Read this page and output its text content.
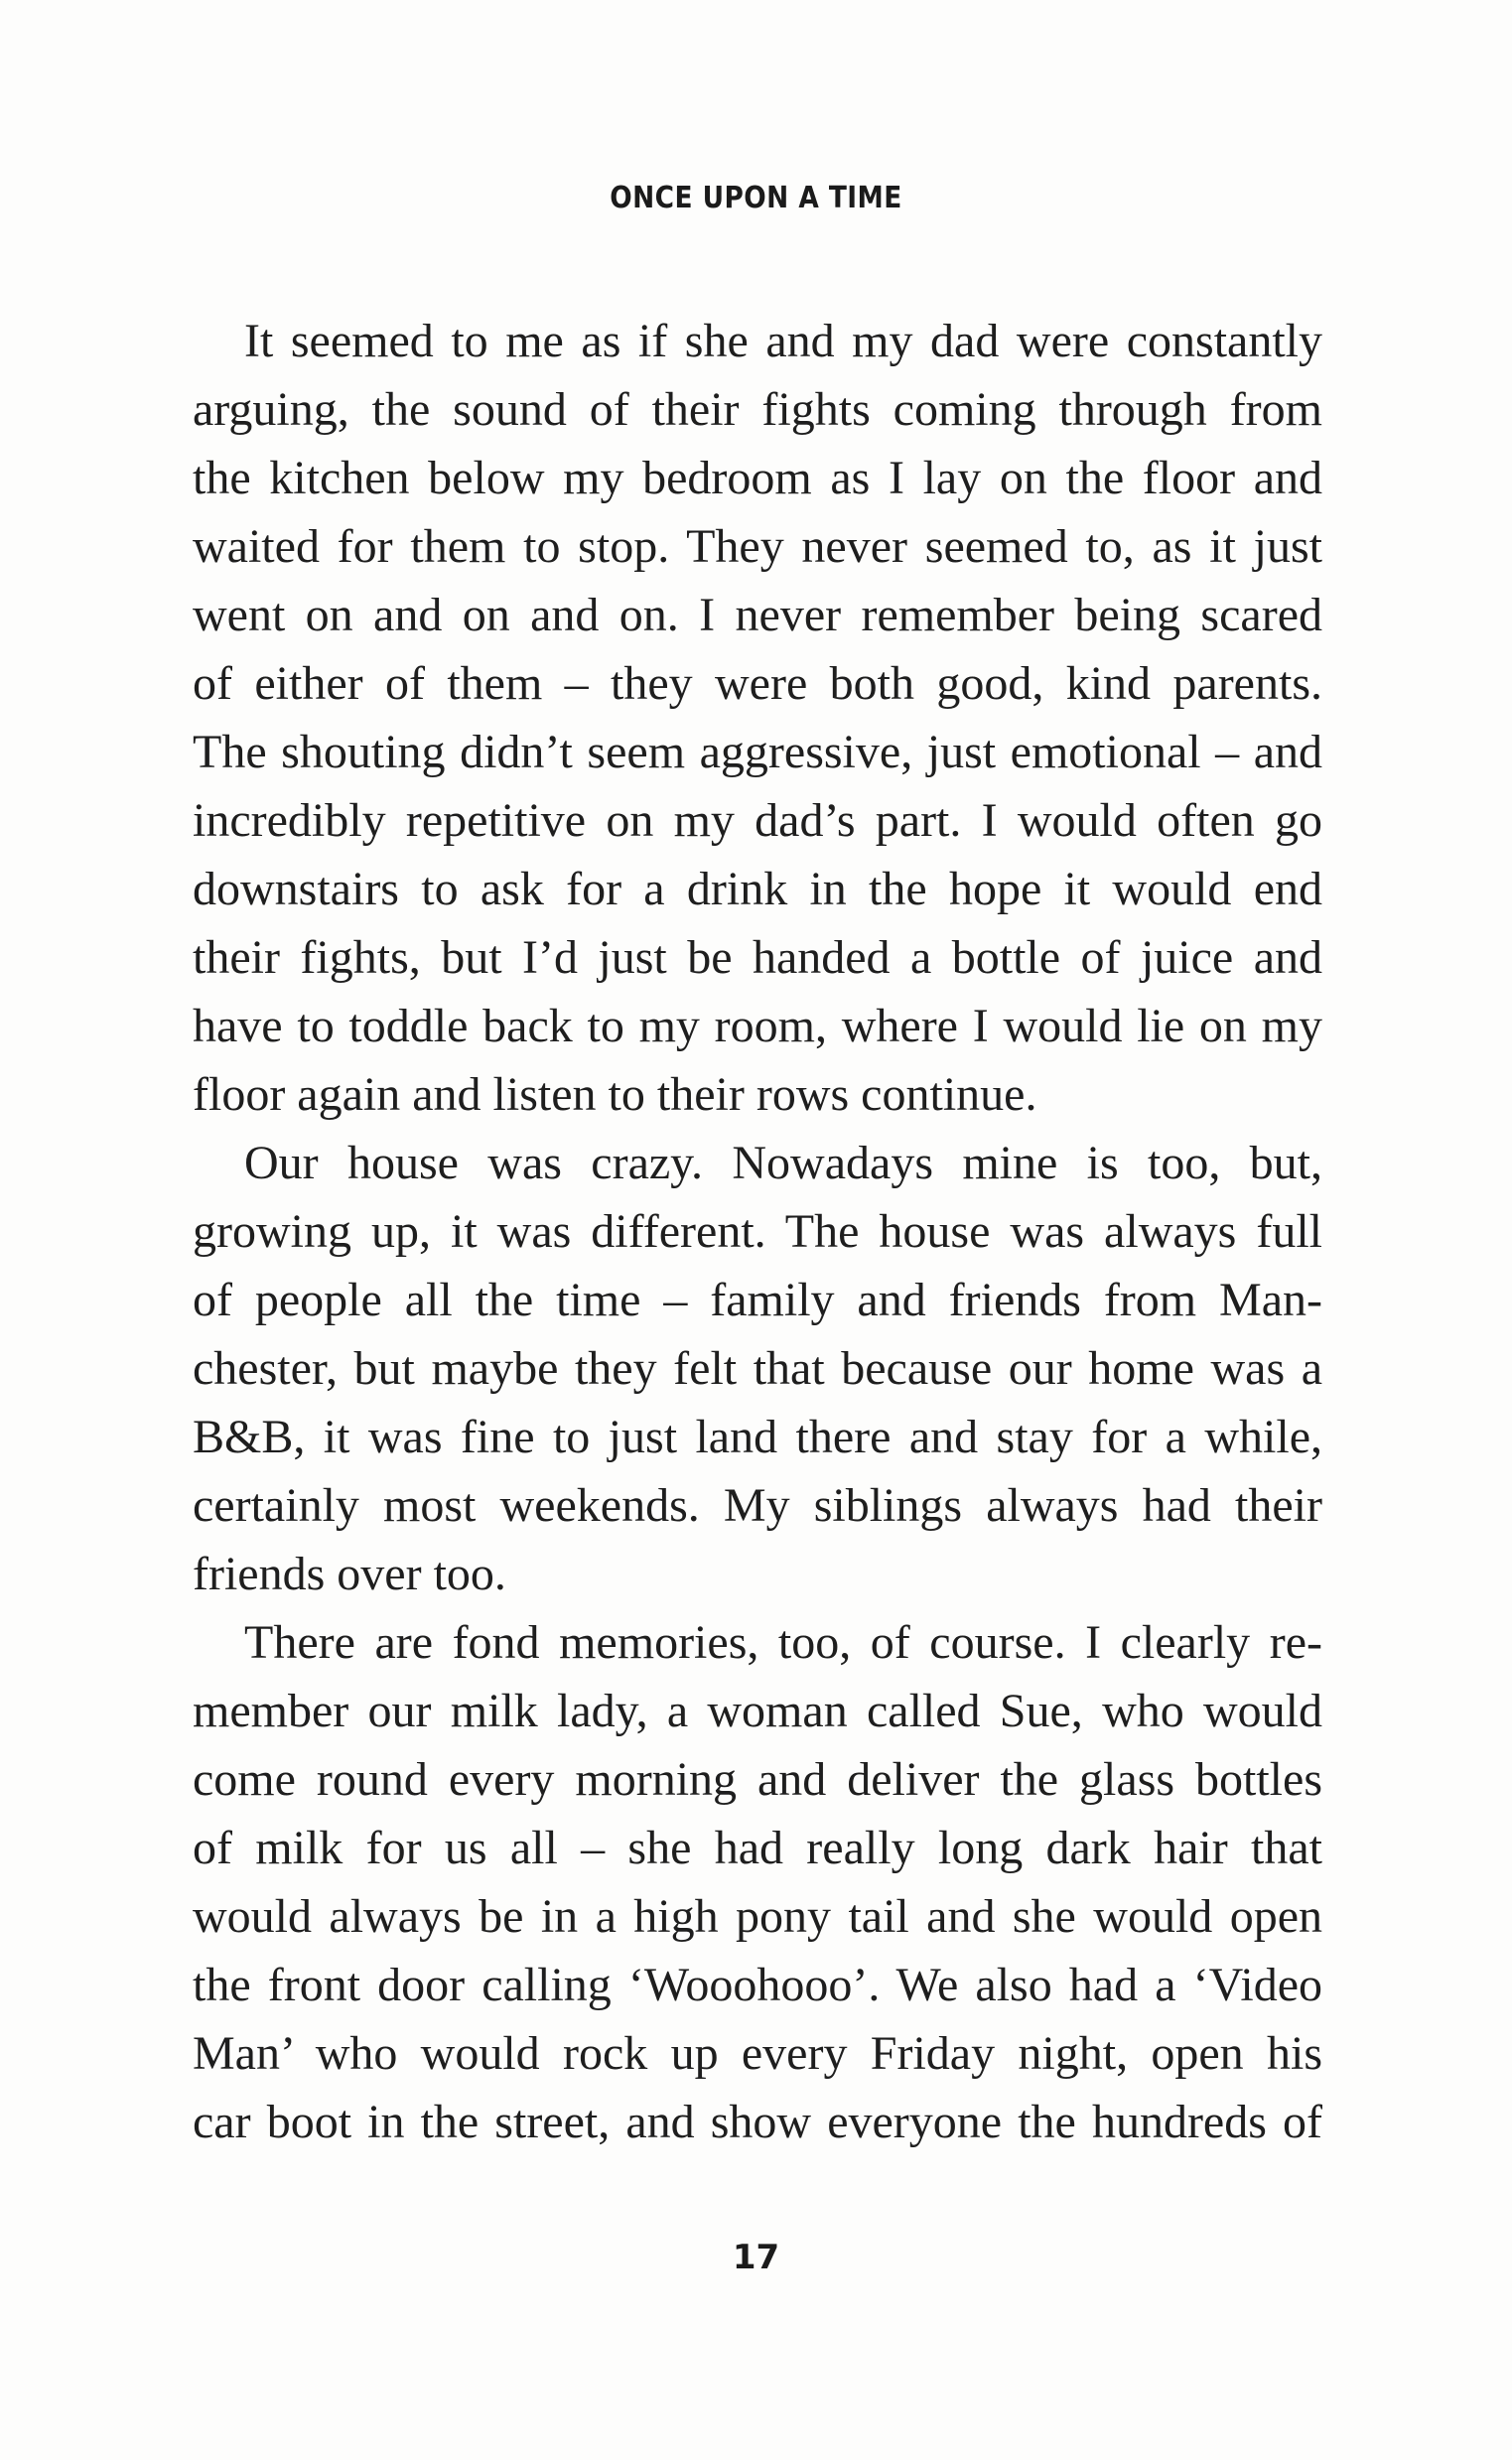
ONCE UPON A TIME
It seemed to me as if she and my dad were constantly
arguing, the sound of their fights coming through from
the kitchen below my bedroom as I lay on the floor and
waited for them to stop. They never seemed to, as it just
went on and on and on. I never remember being scared
of either of them – they were both good, kind parents.
The shouting didn’t seem aggressive, just emotional – and
incredibly repetitive on my dad’s part. I would often go
downstairs to ask for a drink in the hope it would end
their fights, but I’d just be handed a bottle of juice and
have to toddle back to my room, where I would lie on my
floor again and listen to their rows continue.
Our house was crazy. Nowadays mine is too, but,
growing up, it was different. The house was always full
of people all the time – family and friends from Man-
chester, but maybe they felt that because our home was a
B&B, it was fine to just land there and stay for a while,
certainly most weekends. My siblings always had their
friends over too.
There are fond memories, too, of course. I clearly re-
member our milk lady, a woman called Sue, who would
come round every morning and deliver the glass bottles
of milk for us all – she had really long dark hair that
would always be in a high pony tail and she would open
the front door calling ‘Wooohooo’. We also had a ‘Video
Man’ who would rock up every Friday night, open his
car boot in the street, and show everyone the hundreds of
17
